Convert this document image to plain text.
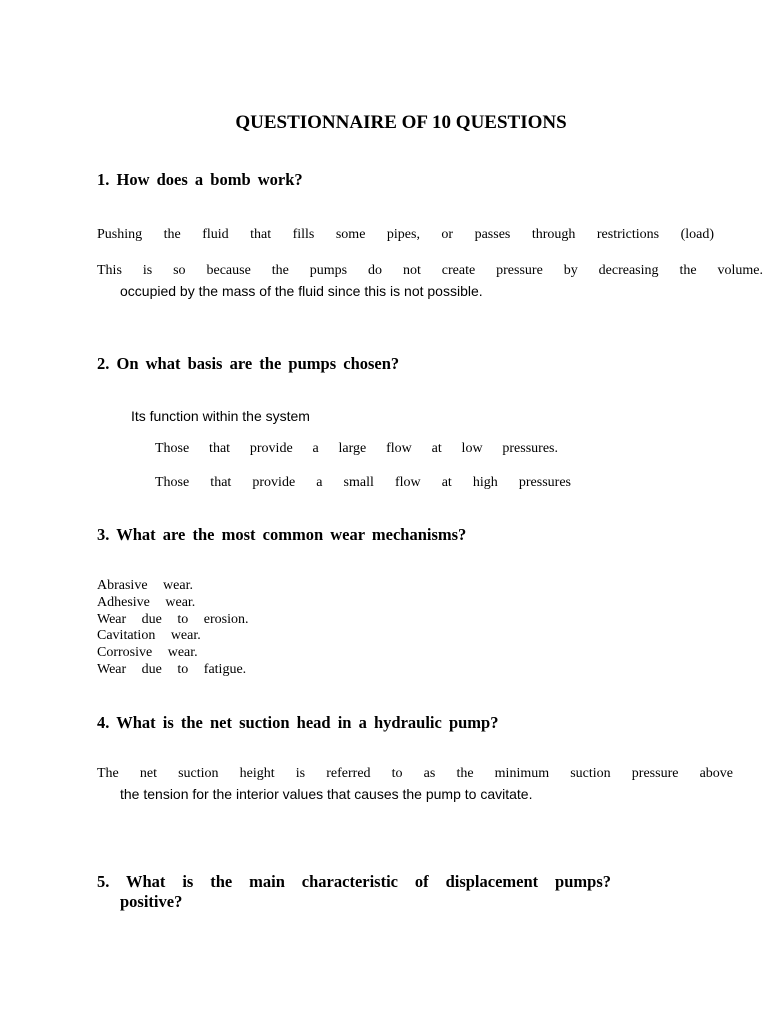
QUESTIONNAIRE OF 10 QUESTIONS
1. How does a bomb work?

Pushing the fluid that fills some pipes, or passes through restrictions (load)

This is so because the pumps do not create pressure by decreasing the volume.

occupied by the mass of the fluid since this is not possible.
2. On what basis are the pumps chosen?
Its function within the system

Those that provide a large flow at low pressures.

Those that provide a small flow at high pressures

3. What are the most common wear mechanisms?
Abrasive wear.
Adhesive wear.
Wear due to erosion.
Cavitation wear.
Corrosive wear.
Wear due to fatigue.
4. What is the net suction head in a hydraulic pump?

The net suction height is referred to as the minimum suction pressure above

the tension for the interior values that causes the pump to cavitate.
5. What is the main characteristic of displacement pumps?
positive?
